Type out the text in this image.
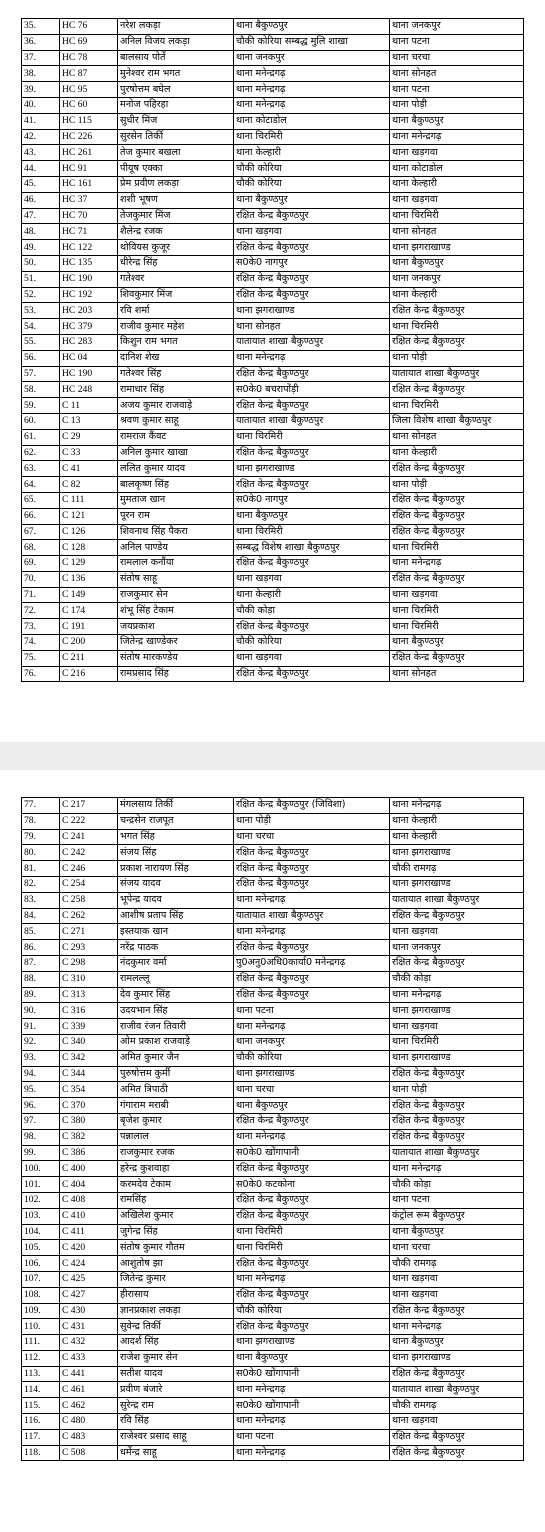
35.	HC 76	नरेश लकड़ा	थाना बैकुण्ठपुर	थाना जनकपुर
36.	HC 69	अनिल विजय लकड़ा	चौकी कोरिया सम्बद्ध मुलि शाखा	थाना पटना
37.	HC 78	बालसाय पोर्ते	थाना जनकपुर	थाना चरचा
38.	HC 87	मुनेश्वर राम भगत	थाना मनेन्द्रगढ़	थाना सोनहत
39.	HC 95	पुरषोत्तम बघेल	थाना मनेन्द्रगढ़	थाना पटना
40.	HC 60	मनोज पहिरहा	थाना मनेन्द्रगढ़	थाना पोड़ी
41.	HC 115	सुधीर मिंज	थाना कोटाडोल	थाना बैकुण्ठपुर
42.	HC 226	सुरसेन तिर्की	थाना चिरमिरी	थाना मनेन्द्रगढ़
43.	HC 261	तेज कुमार बखला	थाना केल्हारी	थाना खड़गवा
44.	HC 91	पीयूष एक्का	चौकी कोरिया	थाना कोटाडोल
45.	HC 161	प्रेम प्रवीण लकड़ा	चौकी कोरिया	थाना केल्हारी
46.	HC 37	शशी भूषण	थाना बैकुण्ठपुर	थाना खड़गवा
47.	HC 70	तेजकुमार मिंज	रक्षित केन्द्र बैकुण्ठपुर	थाना चिरमिरी
48.	HC 71	शैलेन्द्र रजक	थाना खड़गवा	थाना सोनहत
49.	HC 122	थोवियस कुजूर	रक्षित केन्द्र बैकुण्ठपुर	थाना झगराखाण्ड
50.	HC 135	धीरेन्द्र सिंह	स0के0 नागपुर	थाना बैकुण्ठपुर
51.	HC 190	गतेश्वर	रक्षित केन्द्र बैकुण्ठपुर	थाना जनकपुर
52.	HC 192	शिवकुमार मिंज	रक्षित केन्द्र बैकुण्ठपुर	थाना केल्हारी
53.	HC 203	रवि शर्मा	थाना झगराखाण्ड	रक्षित केन्द्र बैकुण्ठपुर
54.	HC 379	राजीव कुमार महेश	थाना सोनहत	थाना चिरमिरी
55.	HC 283	किशुन राम भगत	यातायात शाखा बैकुण्ठपुर	रक्षित केन्द्र बैकुण्ठपुर
56.	HC 04	दानिश शेख	थाना मनेन्द्रगढ़	थाना पोड़ी
57.	HC 190	गतेश्वर सिंह	रक्षित केन्द्र बैकुण्ठपुर	यातायात शाखा बैकुण्ठपुर
58.	HC 248	रामाधार सिंह	स0के0 बचरापोंड़ी	रक्षित केन्द्र बैकुण्ठपुर
59.	C 11	अजय कुमार राजवाड़े	रक्षित केन्द्र बैकुण्ठपुर	थाना चिरमिरी
60.	C 13	श्रवण कुमार साहू	यातायात शाखा बैकुण्ठपुर	जिला विशेष शाखा बैकुण्ठपुर
61.	C 29	रामराज कैंवट	थाना चिरमिरी	थाना सोनहत
62.	C 33	अनिल कुमार खाखा	रक्षित केन्द्र बैकुण्ठपुर	थाना केल्हारी
63.	C 41	ललित कुमार यादव	थाना झगराखाण्ड	रक्षित केन्द्र बैकुण्ठपुर
64.	C 82	बालकृष्ण सिंह	रक्षित केन्द्र बैकुण्ठपुर	थाना पोड़ी
65.	C 111	मुमताज खान	स0के0 नागपुर	रक्षित केन्द्र बैकुण्ठपुर
66.	C 121	पूरन राम	थाना बैकुण्ठपुर	रक्षित केन्द्र बैकुण्ठपुर
67.	C 126	शिवनाथ सिंह पैकरा	थाना चिरमिरी	रक्षित केन्द्र बैकुण्ठपुर
68.	C 128	अनिल पाण्डेय	सम्बद्ध विशेष शाखा बैकुण्ठपुर	थाना चिरमिरी
69.	C 129	रामलाल कनौंया	रक्षित केन्द्र बैकुण्ठपुर	थाना मनेन्द्रगढ़
70.	C 136	संतोष साहू	थाना खड़गवा	रक्षित केन्द्र बैकुण्ठपुर
71.	C 149	राजकुमार सेन	थाना केल्हारी	थाना खड़गवा
72.	C 174	शंभू सिंह टेकाम	चौकी कोड़ा	थाना चिरमिरी
73.	C 191	जयप्रकाश	रक्षित केन्द्र बैकुण्ठपुर	थाना चिरमिरी
74.	C 200	जितेन्द्र खाण्डेकर	चौकी कोरिया	थाना बैकुण्ठपुर
75.	C 211	संतोष मारकण्डेय	थाना खड़गवा	रक्षित केन्द्र बैकुण्ठपुर
76.	C 216	रामप्रसाद सिंह	रक्षित केन्द्र बैकुण्ठपुर	थाना सोनहत
77.	C 217	मंगलसाय तिर्की	रक्षित केन्द्र बैकुण्ठपुर (जिविशा)	थाना मनेन्द्रगढ़
78.	C 222	चन्द्रसेन राजपूत	थाना पोड़ी	थाना केल्हारी
79.	C 241	भगत सिंह	थाना चरचा	थाना केल्हारी
80.	C 242	संजय सिंह	रक्षित केन्द्र बैकुण्ठपुर	थाना झगराखाण्ड
81.	C 246	प्रकाश नारायण सिंह	रक्षित केन्द्र बैकुण्ठपुर	चौकी रामगढ़
82.	C 254	संजय यादव	रक्षित केन्द्र बैकुण्ठपुर	थाना झगराखाण्ड
83.	C 258	भूपेन्द्र यादव	थाना मनेन्द्रगढ़	यातायात शाखा बैकुण्ठपुर
84.	C 262	आशीष प्रताप सिंह	यातायात शाखा बैकुण्ठपुर	रक्षित केन्द्र बैकुण्ठपुर
85.	C 271	इस्तयाक खान	थाना मनेन्द्रगढ़	थाना खड़गवा
86.	C 293	नरेंद्र पाठक	रक्षित केन्द्र बैकुण्ठपुर	थाना जनकपुर
87.	C 298	नंदकुमार वर्मा	पु0अनु0अधि0कार्या0 मनेन्द्रगढ़	रक्षित केन्द्र बैकुण्ठपुर
88.	C 310	रामलल्लू	रक्षित केन्द्र बैकुण्ठपुर	चौकी कोड़ा
89.	C 313	देव कुमार सिंह	रक्षित केन्द्र बैकुण्ठपुर	थाना मनेन्द्रगढ़
90.	C 316	उदयभान सिंह	थाना पटना	थाना झगराखाण्ड
91.	C 339	राजीव रंजन तिवारी	थाना मनेन्द्रगढ़	थाना खड़गवा
92.	C 340	ओम प्रकाश राजवाड़े	थाना जनकपुर	थाना चिरमिरी
93.	C 342	अमित कुमार जैन	चौकी कोरिया	थाना झगराखाण्ड
94.	C 344	पुरुषोत्तम कुर्मी	थाना झगराखाण्ड	रक्षित केन्द्र बैकुण्ठपुर
95.	C 354	अमित त्रिपाठी	थाना चरचा	थाना पोड़ी
96.	C 370	गंगाराम मराबी	थाना बैकुण्ठपुर	रक्षित केन्द्र बैकुण्ठपुर
97.	C 380	बृजेश कुमार	रक्षित केन्द्र बैकुण्ठपुर	रक्षित केन्द्र बैकुण्ठपुर
98.	C 382	पन्नालाल	थाना मनेन्द्रगढ़	रक्षित केन्द्र बैकुण्ठपुर
99.	C 386	राजकुमार रजक	स0के0 खोंगापानी	यातायात शाखा बैकुण्ठपुर
100.	C 400	हरेन्द्र कुशवाहा	रक्षित केन्द्र बैकुण्ठपुर	थाना मनेन्द्रगढ़
101.	C 404	करमदेव टेकाम	स0के0 कटकोना	चौकी कोड़ा
102.	C 408	रामसिंह	रक्षित केन्द्र बैकुण्ठपुर	थाना पटना
103.	C 410	अखिलेश कुमार	रक्षित केन्द्र बैकुण्ठपुर	कंट्रोल रूम बैकुण्ठपुर
104.	C 411	जुगेन्द्र सिंह	थाना चिरमिरी	थाना बैकुण्ठपुर
105.	C 420	संतोष कुमार गौतम	थाना चिरमिरी	थाना चरचा
106.	C 424	आशुतोष झा	रक्षित केन्द्र बैकुण्ठपुर	चौकी रामगढ़
107.	C 425	जितेन्द्र कुमार	थाना मनेन्द्रगढ़	थाना खड़गवा
108.	C 427	हीरासाय	रक्षित केन्द्र बैकुण्ठपुर	थाना खड़गवा
109.	C 430	ज्ञानप्रकाश लकड़ा	चौकी कोरिया	रक्षित केन्द्र बैकुण्ठपुर
110.	C 431	सुवेन्द्र तिर्की	रक्षित केन्द्र बैकुण्ठपुर	थाना मनेन्द्रगढ़
111.	C 432	आदर्श सिंह	थाना झगराखाण्ड	थाना बैकुण्ठपुर
112.	C 433	राजेश कुमार सेन	थाना बैकुण्ठपुर	थाना झगराखाण्ड
113.	C 441	सतीश यादव	स0के0 खोंगापानी	रक्षित केन्द्र बैकुण्ठपुर
114.	C 461	प्रवीण बंजारे	थाना मनेन्द्रगढ़	यातायात शाखा बैकुण्ठपुर
115.	C 462	सुरेन्द्र राम	स0के0 खोंगापानी	चौकी रामगढ़
116.	C 480	रवि सिंह	थाना मनेन्द्रगढ़	थाना खड़गवा
117.	C 483	राजेश्वर प्रसाद साहू	थाना पटना	रक्षित केन्द्र बैकुण्ठपुर
118.	C 508	धर्मेन्द्र साहू	थाना मनेन्द्रगढ़	रक्षित केन्द्र बैकुण्ठपुर
